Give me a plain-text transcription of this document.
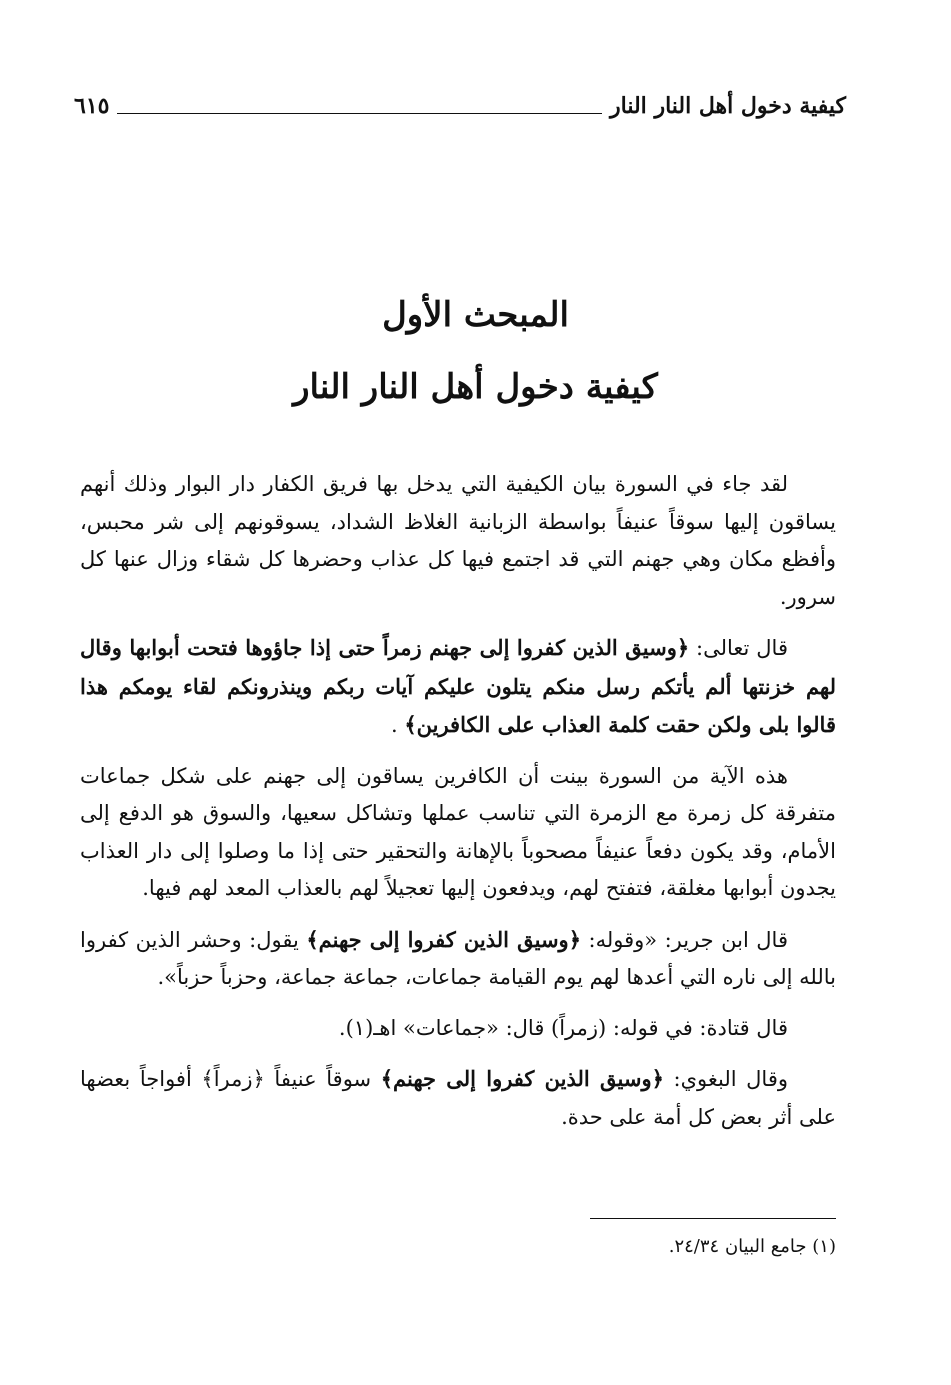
كيفية دخول أهل النار النار
٦١٥
المبحث الأول
كيفية دخول أهل النار النار

لقد جاء في السورة بيان الكيفية التي يدخل بها فريق الكفار دار البوار وذلك أنهم يساقون إليها سوقاً عنيفاً بواسطة الزبانية الغلاظ الشداد، يسوقونهم إلى شر محبس، وأفظع مكان وهي جهنم التي قد اجتمع فيها كل عذاب وحضرها كل شقاء وزال عنها كل سرور.

قال تعالى: ﴿وسيق الذين كفروا إلى جهنم زمراً حتى إذا جاؤوها فتحت أبوابها وقال لهم خزنتها ألم يأتكم رسل منكم يتلون عليكم آيات ربكم وينذرونكم لقاء يومكم هذا قالوا بلى ولكن حقت كلمة العذاب على الكافرين﴾ .

هذه الآية من السورة بينت أن الكافرين يساقون إلى جهنم على شكل جماعات متفرقة كل زمرة مع الزمرة التي تناسب عملها وتشاكل سعيها، والسوق هو الدفع إلى الأمام، وقد يكون دفعاً عنيفاً مصحوباً بالإهانة والتحقير حتى إذا ما وصلوا إلى دار العذاب يجدون أبوابها مغلقة، فتفتح لهم، ويدفعون إليها تعجيلاً لهم بالعذاب المعد لهم فيها.

قال ابن جرير: «وقوله: ﴿وسيق الذين كفروا إلى جهنم﴾ يقول: وحشر الذين كفروا بالله إلى ناره التي أعدها لهم يوم القيامة جماعات، جماعة جماعة، وحزباً حزباً».

قال قتادة: في قوله: (زمراً) قال: «جماعات» اهـ(١).

وقال البغوي: ﴿وسيق الذين كفروا إلى جهنم﴾ سوقاً عنيفاً ﴿زمراً﴾ أفواجاً بعضها على أثر بعض كل أمة على حدة.

(١) جامع البيان ٢٤/٣٤.
